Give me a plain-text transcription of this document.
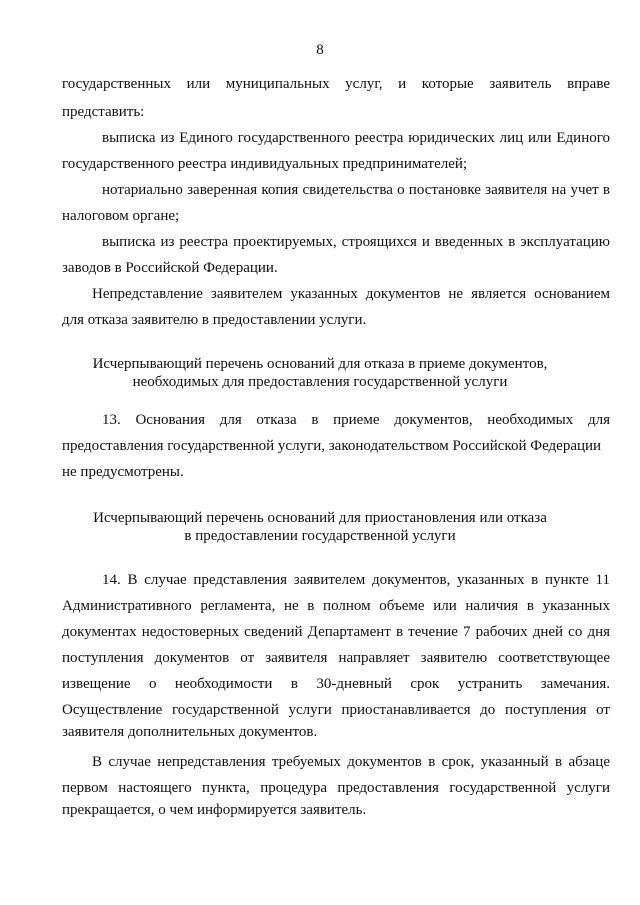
8
государственных или муниципальных услуг, и которые заявитель вправе
представить:
выписка из Единого государственного реестра юридических лиц или Единого
государственного реестра индивидуальных предпринимателей;
нотариально заверенная копия свидетельства о постановке заявителя на учет в
налоговом органе;
выписка из реестра проектируемых, строящихся и введенных в эксплуатацию
заводов в Российской Федерации.
Непредставление заявителем указанных документов не является основанием
для отказа заявителю в предоставлении услуги.
Исчерпывающий перечень оснований для отказа в приеме документов,
необходимых для предоставления государственной услуги
13. Основания для отказа в приеме документов, необходимых для
предоставления государственной услуги, законодательством Российской Федерации
не предусмотрены.
Исчерпывающий перечень оснований для приостановления или отказа
в предоставлении государственной услуги
14. В случае представления заявителем документов, указанных в пункте 11
Административного регламента, не в полном объеме или наличия в указанных
документах недостоверных сведений Департамент в течение 7 рабочих дней со дня
поступления документов от заявителя направляет заявителю соответствующее
извещение о необходимости в 30-дневный срок устранить замечания.
Осуществление государственной услуги приостанавливается до поступления от
заявителя дополнительных документов.
В случае непредставления требуемых документов в срок, указанный в абзаце
первом настоящего пункта, процедура предоставления государственной услуги
прекращается, о чем информируется заявитель.
